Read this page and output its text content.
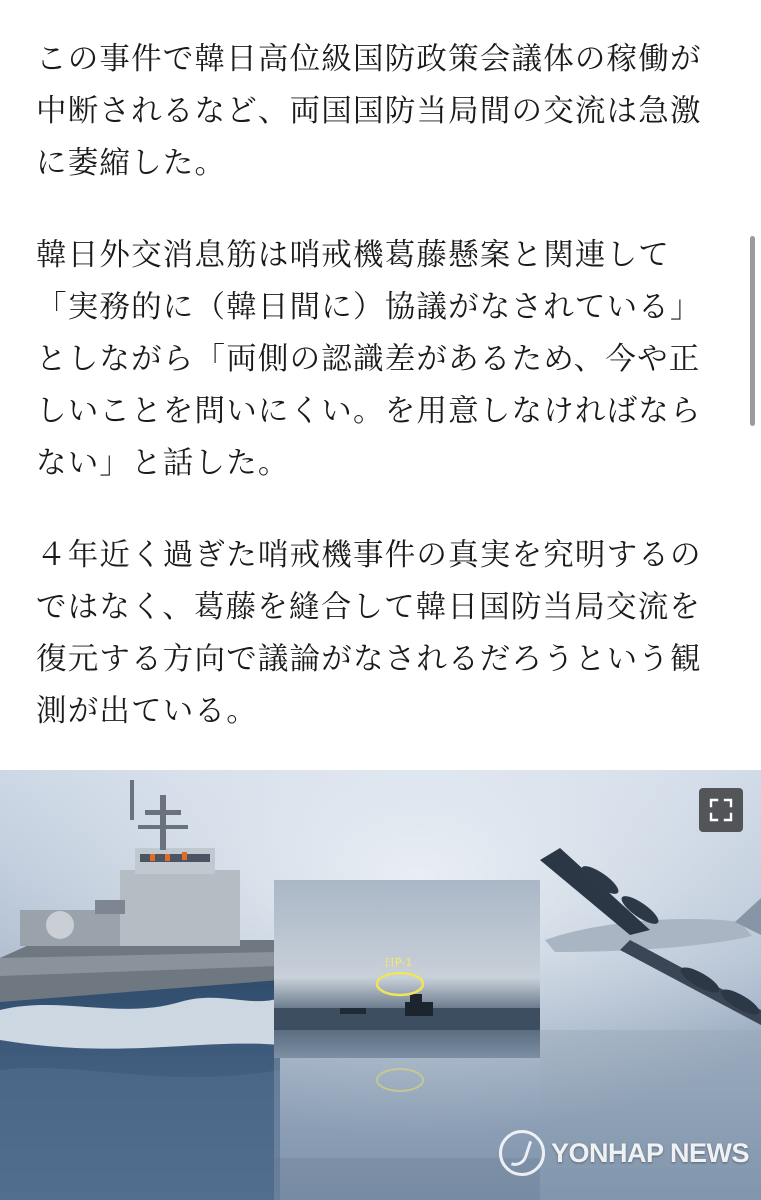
この事件で韓日高位級国防政策会議体の稼働が中断されるなど、両国国防当局間の交流は急激に萎縮した。

韓日外交消息筋は哨戒機葛藤懸案と関連して「実務的に（韓日間に）協議がなされている」としながら「両側の認識差があるため、今や正しいことを問いにくい。を用意しなければならない」と話した。

４年近く過ぎた哨戒機事件の真実を究明するのではなく、葛藤を縫合して韓日国防当局交流を復元する方向で議論がなされるだろうという観測が出ている。

日P-1
YONHAP NEWS
